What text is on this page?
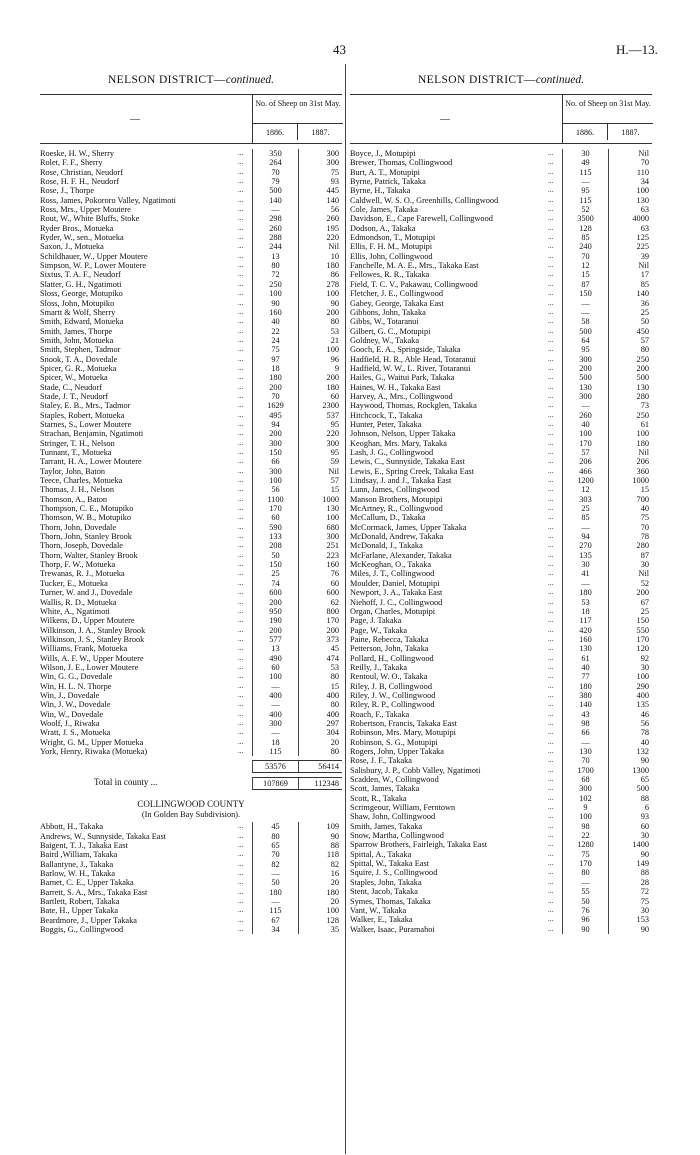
43	H.—13.
NELSON DISTRICT—continued.
—
No. of Sheep on 31st May.
1886.	1887.
Roeske, H. W., Sherry	...	350	300
Rolet, F. F., Sherry	...	264	300
Rose, Christian, Neudorf	...	70	75
Rose, H. F. H., Neudorf	...	79	93
Rose, J., Thorpe	...	500	445
Ross, James, Pokororo Valley, Ngatimoti	...	140	140
Ross, Mrs., Upper Moutere	...	—	56
Rout, W., White Bluffs, Stoke	...	298	260
Ryder Bros., Motueka	...	260	195
Ryder, W., sen., Motueka	...	288	220
Saxon, J., Motueka	...	244	Nil
Schildhauer, W., Upper Moutere	...	13	10
Simpson, W. P., Lower Moutere	...	80	180
Sixtus, T. A. F., Neudorf	...	72	86
Slatter, G. H., Ngatimoti	...	250	278
Sloss, George, Motupiko	...	100	100
Sloss, John, Motupiko	...	90	90
Smartt & Wolf, Sherry	...	160	200
Smith, Edward, Motueka	...	40	80
Smith, James, Thorpe	...	22	53
Smith, John, Motueka	...	24	21
Smith, Stephen, Tadmor	...	75	100
Snook, T. A., Dovedale	...	97	96
Spicer, G. R., Motueka	...	18	9
Spicer, W., Motueka	...	180	200
Stade, C., Neudorf	...	200	180
Stade, J. T., Neudorf	...	70	60
Staley, E. B., Mrs., Tadmor	...	1629	2300
Staples, Robert, Motueka	...	495	537
Starnes, S., Lower Moutere	...	94	95
Strachan, Benjamin, Ngatimoti	...	200	220
Stringer, T. H., Nelson	...	300	300
Tunnant, T., Motueka	...	150	95
Tarrant, H. A., Lower Moutere	...	66	59
Taylor, John, Baton	...	300	Nil
Teece, Charles, Motueka	...	100	57
Thomas, J. H., Nelson	...	56	15
Thomson, A., Baton	...	1100	1000
Thompson, C. E., Motupiko	...	170	130
Thomson, W. B., Motupiko	...	60	100
Thorn, John, Dovedale	...	590	680
Thorn, John, Stanley Brook	...	133	300
Thorn, Joseph, Dovedale	...	208	251
Thorn, Walter, Stanley Brook	...	50	223
Thorp, F. W., Motueka	...	150	160
Trewanas, R. J., Motueka	...	25	76
Tucker, E., Motueka	...	74	60
Turner, W. and J., Dovedale	...	600	600
Wallis, R. D., Motueka	...	200	62
White, A., Ngatimoti	...	950	800
Wilkens, D., Upper Moutere	...	190	170
Wilkinson, J. A., Stanley Brook	...	200	200
Wilkinson, J. S., Stanley Brook	...	577	373
Williams, Frank, Motueka	...	13	45
Wills, A. F. W., Upper Moutere	...	490	474
Wilson, J. E., Lower Moutere	...	60	53
Win, G. G., Dovedale	...	100	80
Win, H. L. N. Thorpe	...	—	15
Win, J., Dovedale	...	400	400
Win, J. W., Dovedale	...	—	80
Win, W., Dovedale	...	400	400
Woolf, J., Riwaka	...	300	297
Wratt, J. S., Motueka	...	—	304
Wright, G. M., Upper Motueka	...	18	20
York, Henry, Riwaka (Motueka)	...	115	80
53576	56414
Total in county ...	107869	112348
COLLINGWOOD COUNTY
(In Golden Bay Subdivision).
Abbott, H., Takaka	...	45	109
Andrews, W., Sunnyside, Takaka East	...	80	90
Baigent, T. J., Takaka East	...	65	88
Baird ,William, Takaka	...	70	118
Ballantyne, J., Takaka	...	82	82
Barlow, W. H., Takaka	...	—	16
Barnet, C. E., Upper Takaka	...	50	20
Barrett, S. A., Mrs., Takaka East	...	180	180
Bartlett, Robert, Takaka	...	—	20
Bate, H., Upper Takaka	...	115	100
Beardmore, J., Upper Takaka	...	67	128
Boggis, G., Collingwood	...	34	35
NELSON DISTRICT—continued.
—
No. of Sheep on 31st May.
1886.	1887.
Boyce, J., Motupipi	...	30	Nil
Brewer, Thomas, Collingwood	...	49	70
Burt, A. T., Motupipi	...	115	110
Byrne, Patrick, Takaka	...	—	34
Byrne, H., Takaka	...	95	100
Caldwell, W. S. O., Greenhills, Collingwood	...	115	130
Cole, James, Takaka	...	52	63
Davidson, E., Cape Farewell, Collingwood	...	3500	4000
Dodson, A., Takaka	...	128	63
Edmondson, T., Motupipi	...	85	125
Ellis, F. H. M., Motupipi	...	240	225
Ellis, John, Collingwood	...	70	39
Fanchelle, M. A. E., Mrs., Takaka East	...	12	Nil
Fellowes, R. R., Takaka	...	15	17
Field, T. C. V., Pakawau, Collingwood	...	87	85
Fletcher, J. E., Collingwood	...	150	140
Gabey, George, Takaka East	...	—	36
Gibbons, John, Takaka	...	—	25
Gibbs, W., Totaranui	...	58	50
Gilbert, G. C., Motupipi	...	500	450
Goldney, W., Takaka	...	64	57
Gooch, E. A., Springside, Takaka	...	95	80
Hadfield, H. R., Able Head, Totaranui	...	300	250
Hadfield, W. W., L. River, Totaranui	...	200	200
Hailes, G., Waitui Park, Takaka	...	500	500
Haines, W. H., Takaka East	...	130	130
Harvey, A., Mrs., Collingwood	...	300	280
Haywood, Thomas, Rockglen, Takaka	...	—	73
Hitchcock, T., Takaka	...	260	250
Hunter, Peter, Takaka	...	40	61
Johnson, Nelson, Upper Takaka	...	100	100
Keoghan, Mrs. Mary, Takaka	...	170	180
Lash, J. G., Collingwood	...	57	Nil
Lewis, C., Sunnyside, Takaka East	...	206	206
Lewis, E., Spring Creek, Takaka East	...	466	360
Lindsay, J. and J., Takaka East	...	1200	1000
Lunn, James, Collingwood	...	12	15
Manson Brothers, Motupipi	...	303	700
McArtney, R., Collingwood	...	25	40
McCallum, D., Takaka	...	85	75
McCormack, James, Upper Takaka	...	—	70
McDonald, Andrew, Takaka	...	94	78
McDonald, J., Takaka	...	270	280
McFarlane, Alexander, Takaka	...	135	87
McKeoghan, O., Takaka	...	30	30
Miles, J. T., Collingwood	...	41	Nil
Moulder, Daniel, Motupipi	...	—	52
Newport, J. A., Takaka East	...	180	200
Niehoff, J. C., Collingwood	...	53	67
Organ, Charles, Motupipi	...	18	25
Page, J. Takaka	...	117	150
Page, W., Takaka	...	420	550
Paine, Rebecca, Takaka	...	160	170
Petterson, John, Takaka	...	130	120
Pollard, H., Collingwood	...	61	92
Reilly, J., Takaka	...	40	30
Rentoul, W. O., Takaka	...	77	100
Riley, J. B, Collingwood	...	180	290
Riley, J. W., Collingwood	...	380	400
Riley, R. P., Collingwood	...	140	135
Roach, F., Takaka	...	43	46
Robertson, Francis, Takaka East	...	98	56
Robinson, Mrs. Mary, Motupipi	...	66	78
Robinson, S. G., Motupipi	...	—	40
Rogers, John, Upper Takaka	...	130	132
Rose, J. F., Takaka	...	70	90
Salisbury, J. P., Cobb Valley, Ngatimoti	...	1700	1300
Scadden, W., Collingwood	...	68	65
Scott, James, Takaka	...	300	500
Scott, R., Takaka	...	102	88
Scrimgeour, William, Ferntown	...	9	6
Shaw, John, Collingwood	...	100	93
Smith, James, Takaka	...	98	60
Snow, Martha, Collingwood	...	22	30
Sparrow Brothers, Fairleigh, Takaka East	...	1280	1400
Spittal, A., Takaka	...	75	90
Spittal, W., Takaka East	...	170	149
Squire, J. S., Collingwood	...	80	88
Staples, John, Takaka	...	—	28
Stent, Jacob, Takaka	...	55	72
Symes, Thomas, Takaka	...	50	75
Vant, W., Takaka	...	76	30
Walker, E., Takaka	...	96	153
Walker, Isaac, Puramahoi	...	90	90
